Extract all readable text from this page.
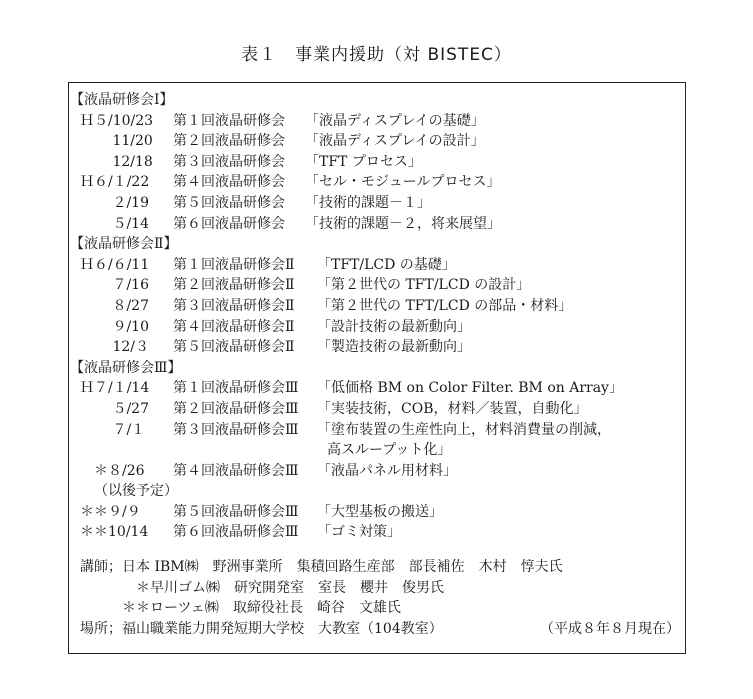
表１　事業内援助（対 BISTEC）
【液晶研修会Ⅰ】
Ｈ５/10/23 第１回液晶研修会 「液晶ディスプレイの基礎」
　　 11/20 第２回液晶研修会 「液晶ディスプレイの設計」
　　 12/18 第３回液晶研修会 「TFT プロセス」
Ｈ６/１/22 第４回液晶研修会 「セル・モジュールプロセス」
　　 ２/19 第５回液晶研修会 「技術的課題－１」
　　 ５/14 第６回液晶研修会 「技術的課題－２，将来展望」
【液晶研修会Ⅱ】
Ｈ６/６/11 第１回液晶研修会Ⅱ 「TFT/LCD の基礎」
　　 ７/16 第２回液晶研修会Ⅱ 「第２世代の TFT/LCD の設計」
　　 ８/27 第３回液晶研修会Ⅱ 「第２世代の TFT/LCD の部品・材料」
　　 ９/10 第４回液晶研修会Ⅱ 「設計技術の最新動向」
　　 12/３ 第５回液晶研修会Ⅱ 「製造技術の最新動向」
【液晶研修会Ⅲ】
Ｈ７/１/14 第１回液晶研修会Ⅲ 「低価格 BM on Color Filter. BM on Array」
　　 ５/27 第２回液晶研修会Ⅲ 「実装技術，COB，材料／装置，自動化」
　　 ７/１ 第３回液晶研修会Ⅲ 「塗布装置の生産性向上，材料消費量の削減，
高スループット化」
　＊８/26 第４回液晶研修会Ⅲ 「液晶パネル用材料」
（以後予定）
＊＊９/９ 第５回液晶研修会Ⅲ 「大型基板の搬送」
＊＊10/14 第６回液晶研修会Ⅲ 「ゴミ対策」
講師； 日本 IBM㈱　野洲事業所　集積回路生産部　部長補佐　木村　惇夫氏
　＊早川ゴム㈱　研究開発室　室長　櫻井　俊男氏
＊＊ローツェ㈱　取締役社長　崎谷　文雄氏
場所； 福山職業能力開発短期大学校　大教室（104教室）	（平成８年８月現在）
